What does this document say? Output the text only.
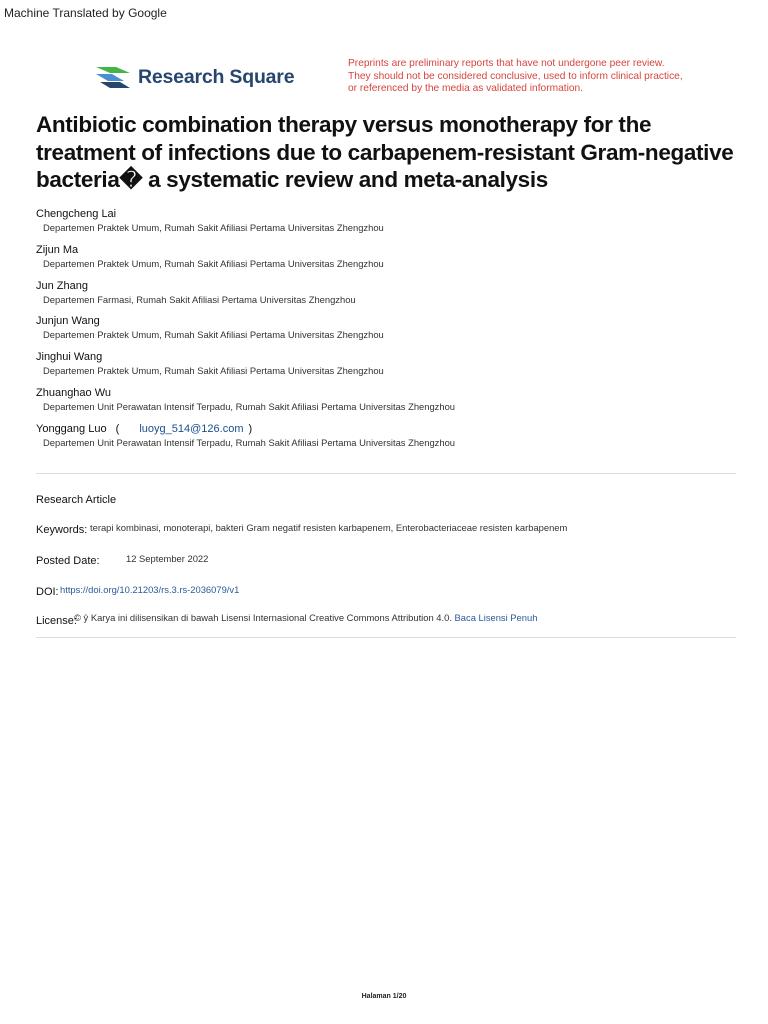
Machine Translated by Google
Research Square
Preprints are preliminary reports that have not undergone peer review.
They should not be considered conclusive, used to inform clinical practice,
or referenced by the media as validated information.
Antibiotic combination therapy versus monotherapy for the treatment of infections due to carbapenem-resistant Gram-negative bacteria� a systematic review and meta-analysis
Chengcheng Lai
Departemen Praktek Umum, Rumah Sakit Afiliasi Pertama Universitas Zhengzhou
Zijun Ma
Departemen Praktek Umum, Rumah Sakit Afiliasi Pertama Universitas Zhengzhou
Jun Zhang
Departemen Farmasi, Rumah Sakit Afiliasi Pertama Universitas Zhengzhou
Junjun Wang
Departemen Praktek Umum, Rumah Sakit Afiliasi Pertama Universitas Zhengzhou
Jinghui Wang
Departemen Praktek Umum, Rumah Sakit Afiliasi Pertama Universitas Zhengzhou
Zhuanghao Wu
Departemen Unit Perawatan Intensif Terpadu, Rumah Sakit Afiliasi Pertama Universitas Zhengzhou
Yonggang Luo ( luoyg_514@126.com )
Departemen Unit Perawatan Intensif Terpadu, Rumah Sakit Afiliasi Pertama Universitas Zhengzhou
Research Article
Keywords: terapi kombinasi, monoterapi, bakteri Gram negatif resisten karbapenem, Enterobacteriaceae resisten karbapenem
Posted Date:	12 September 2022
DOI: https://doi.org/10.21203/rs.3.rs-2036079/v1
License:
© ŷ Karya ini dilisensikan di bawah Lisensi Internasional Creative Commons Attribution 4.0. Baca Lisensi Penuh
Halaman 1/20
